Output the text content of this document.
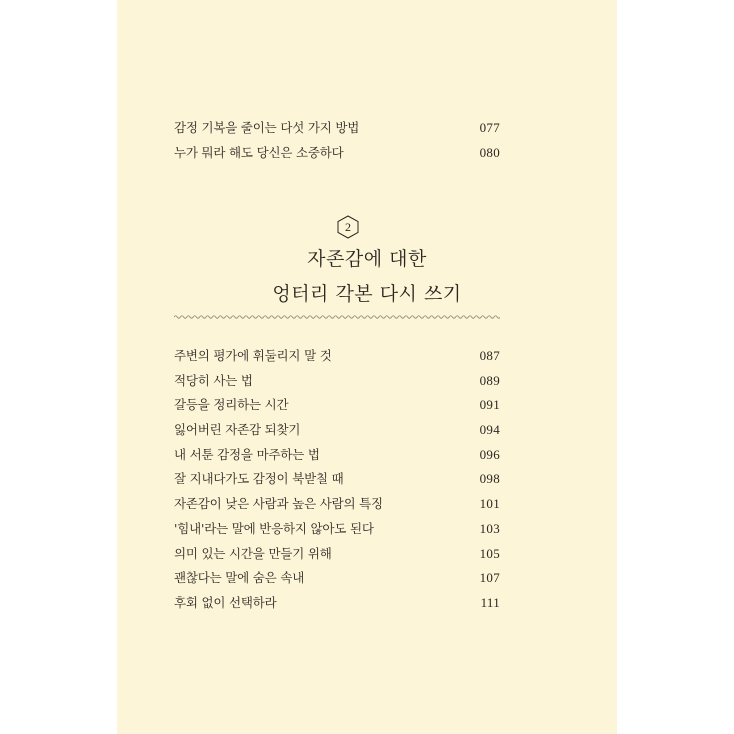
감정 기복을 줄이는 다섯 가지 방법	077
누가 뭐라 해도 당신은 소중하다	080
2
자존감에 대한
엉터리 각본 다시 쓰기
주변의 평가에 휘둘리지 말 것	087
적당히 사는 법	089
갈등을 정리하는 시간	091
잃어버린 자존감 되찾기	094
내 서툰 감정을 마주하는 법	096
잘 지내다가도 감정이 북받칠 때	098
자존감이 낮은 사람과 높은 사람의 특징	101
'힘내'라는 말에 반응하지 않아도 된다	103
의미 있는 시간을 만들기 위해	105
괜찮다는 말에 숨은 속내	107
후회 없이 선택하라	111
